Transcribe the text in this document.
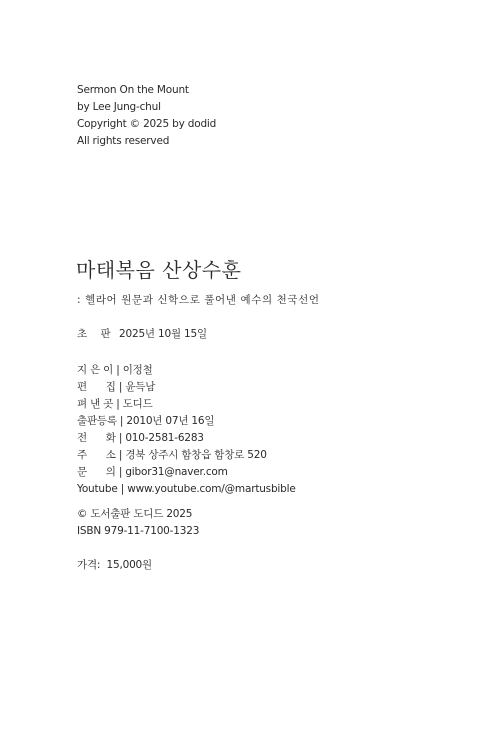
Sermon On the Mount
by Lee Jung-chul
Copyright © 2025 by dodid
All rights reserved
마태복음 산상수훈
: 헬라어 원문과 신학으로 풀어낸 예수의 천국선언
초 판 2025년 10월 15일
지 은 이 | 이정철
편      집 | 윤득남
펴 낸 곳 | 도디드
출판등록 | 2010년 07년 16일
전      화 | 010-2581-6283
주      소 | 경북 상주시 함창읍 함창로 520
문      의 | gibor31@naver.com
Youtube | www.youtube.com/@martusbible
© 도서출판 도디드 2025
ISBN 979-11-7100-1323
가격:  15,000원
